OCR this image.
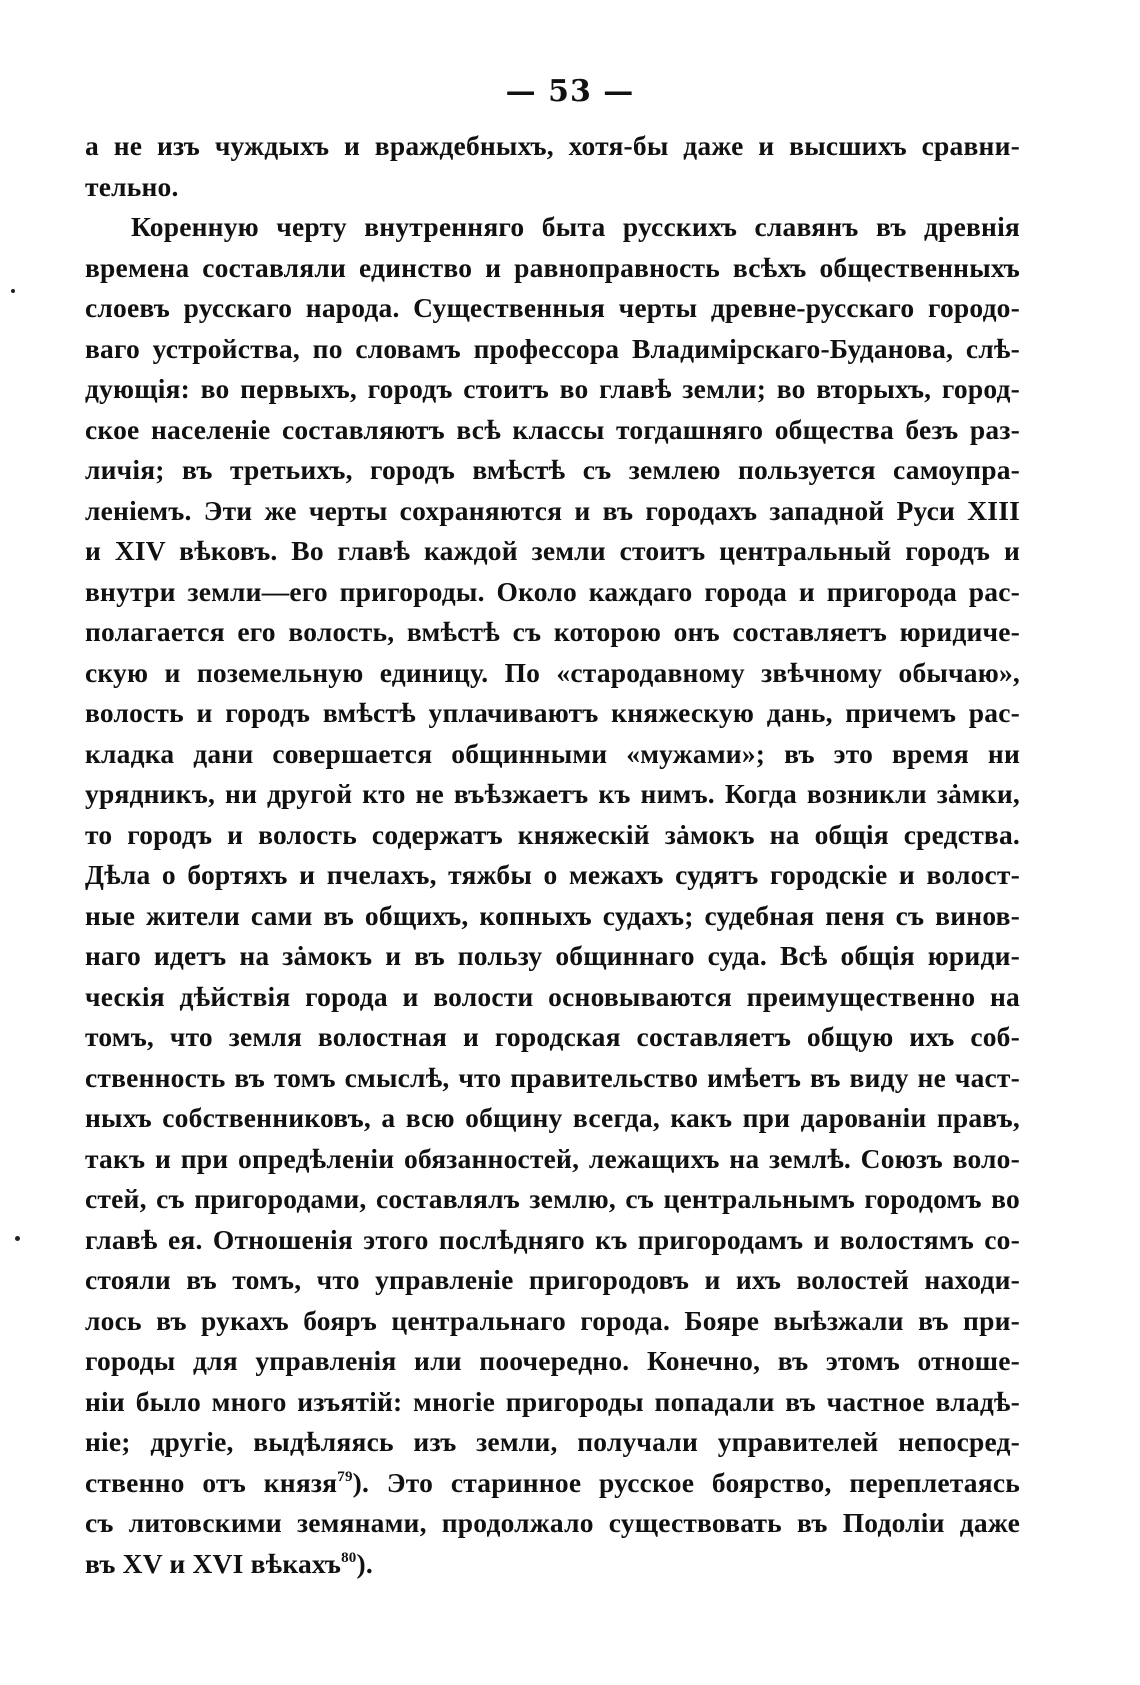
— 53 —
а не изъ чуждыхъ и враждебныхъ, хотя-бы даже и высшихъ сравни-
тельно.
Коренную черту внутренняго быта русскихъ славянъ въ древнія
времена составляли единство и равноправность всѣхъ общественныхъ
слоевъ русскаго народа. Существенныя черты древне-русскаго городо-
ваго устройства, по словамъ профессора Владимірскаго-Буданова, слѣ-
дующія: во первыхъ, городъ стоитъ во главѣ земли; во вторыхъ, город-
ское населеніе составляютъ всѣ классы тогдашняго общества безъ раз-
личія; въ третьихъ, городъ вмѣстѣ съ землею пользуется самоупра-
леніемъ. Эти же черты сохраняются и въ городахъ западной Руси XIII
и XIV вѣковъ. Во главѣ каждой земли стоитъ центральный городъ и
внутри земли—его пригороды. Около каждаго города и пригорода рас-
полагается его волость, вмѣстѣ съ которою онъ составляетъ юридиче-
скую и поземельную единицу. По «стародавному звѣчному обычаю»,
волость и городъ вмѣстѣ уплачиваютъ княжескую дань, причемъ рас-
кладка дани совершается общинными «мужами»; въ это время ни
урядникъ, ни другой кто не въѣзжаетъ къ нимъ. Когда возникли зȧмки,
то городъ и волость содержатъ княжескій зȧмокъ на общія средства.
Дѣла о бортяхъ и пчелахъ, тяжбы о межахъ судятъ городскіе и волост-
ные жители сами въ общихъ, копныхъ судахъ; судебная пеня съ винов-
наго идетъ на зȧмокъ и въ пользу общиннаго суда. Всѣ общія юриди-
ческія дѣйствія города и волости основываются преимущественно на
томъ, что земля волостная и городская составляетъ общую ихъ соб-
ственность въ томъ смыслѣ, что правительство имѣетъ въ виду не част-
ныхъ собственниковъ, а всю общину всегда, какъ при дарованіи правъ,
такъ и при опредѣленіи обязанностей, лежащихъ на землѣ. Союзъ воло-
стей, съ пригородами, составлялъ землю, съ центральнымъ городомъ во
главѣ ея. Отношенія этого послѣдняго къ пригородамъ и волостямъ со-
стояли въ томъ, что управленіе пригородовъ и ихъ волостей находи-
лось въ рукахъ бояръ центральнаго города. Бояре выѣзжали въ при-
городы для управленія или поочередно. Конечно, въ этомъ отноше-
ніи было много изъятій: многіе пригороды попадали въ частное владѣ-
ніе; другіе, выдѣляясь изъ земли, получали управителей непосред-
ственно отъ князя$^{79}$). Это старинное русское боярство, переплетаясь
съ литовскими земянами, продолжало существовать въ Подоліи даже
въ XV и XVI вѣкахъ$^{80}$).
